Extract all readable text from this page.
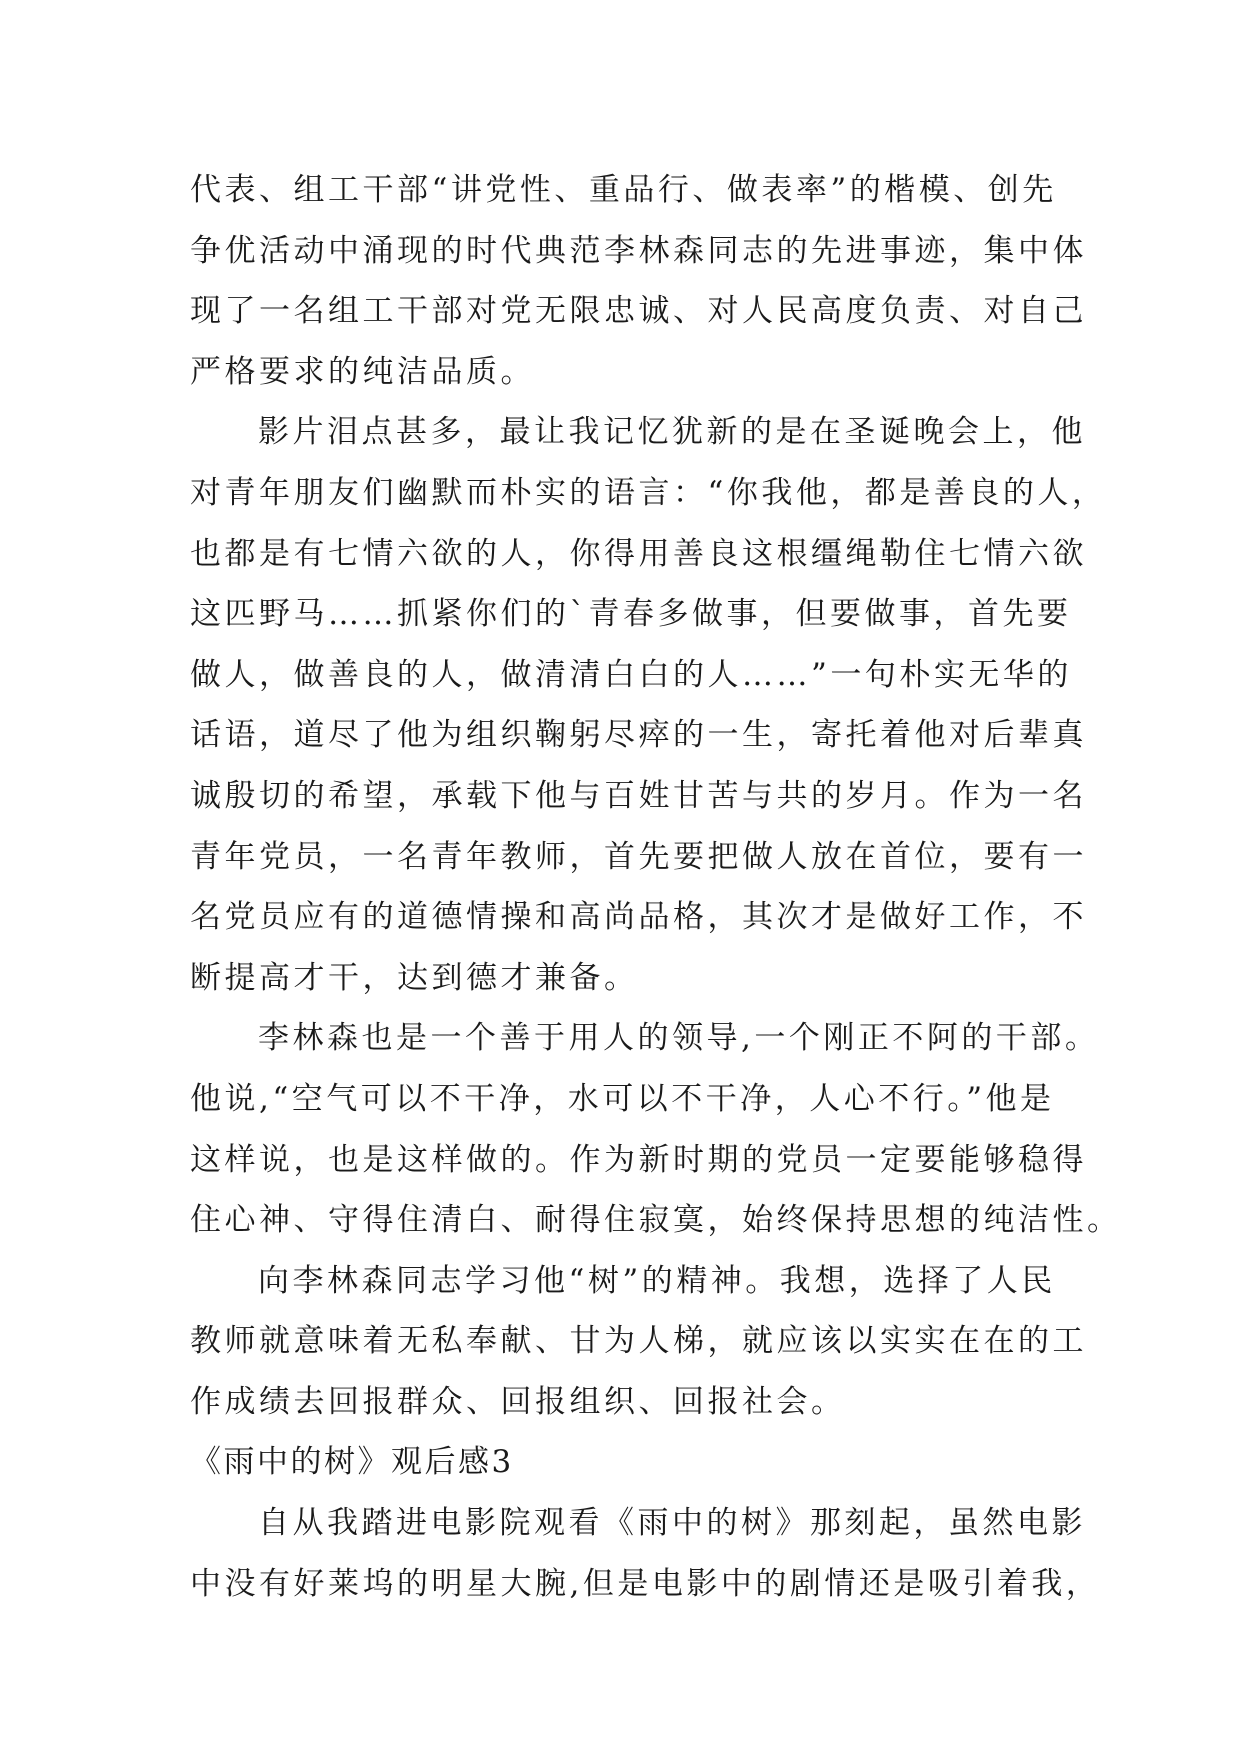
代表、组工干部“讲党性、重品行、做表率”的楷模、创先
争优活动中涌现的时代典范李林森同志的先进事迹，集中体
现了一名组工干部对党无限忠诚、对人民高度负责、对自己
严格要求的纯洁品质。
影片泪点甚多，最让我记忆犹新的是在圣诞晚会上，他
对青年朋友们幽默而朴实的语言：“你我他，都是善良的人，
也都是有七情六欲的人，你得用善良这根缰绳勒住七情六欲
这匹野马……抓紧你们的`青春多做事，但要做事，首先要
做人，做善良的人，做清清白白的人……”一句朴实无华的
话语，道尽了他为组织鞠躬尽瘁的一生，寄托着他对后辈真
诚殷切的希望，承载下他与百姓甘苦与共的岁月。作为一名
青年党员，一名青年教师，首先要把做人放在首位，要有一
名党员应有的道德情操和高尚品格，其次才是做好工作，不
断提高才干，达到德才兼备。
李林森也是一个善于用人的领导,一个刚正不阿的干部。
他说,“空气可以不干净，水可以不干净，人心不行。”他是
这样说，也是这样做的。作为新时期的党员一定要能够稳得
住心神、守得住清白、耐得住寂寞，始终保持思想的纯洁性。
向李林森同志学习他“树”的精神。我想，选择了人民
教师就意味着无私奉献、甘为人梯，就应该以实实在在的工
作成绩去回报群众、回报组织、回报社会。
《雨中的树》观后感3
自从我踏进电影院观看《雨中的树》那刻起，虽然电影
中没有好莱坞的明星大腕,但是电影中的剧情还是吸引着我，
